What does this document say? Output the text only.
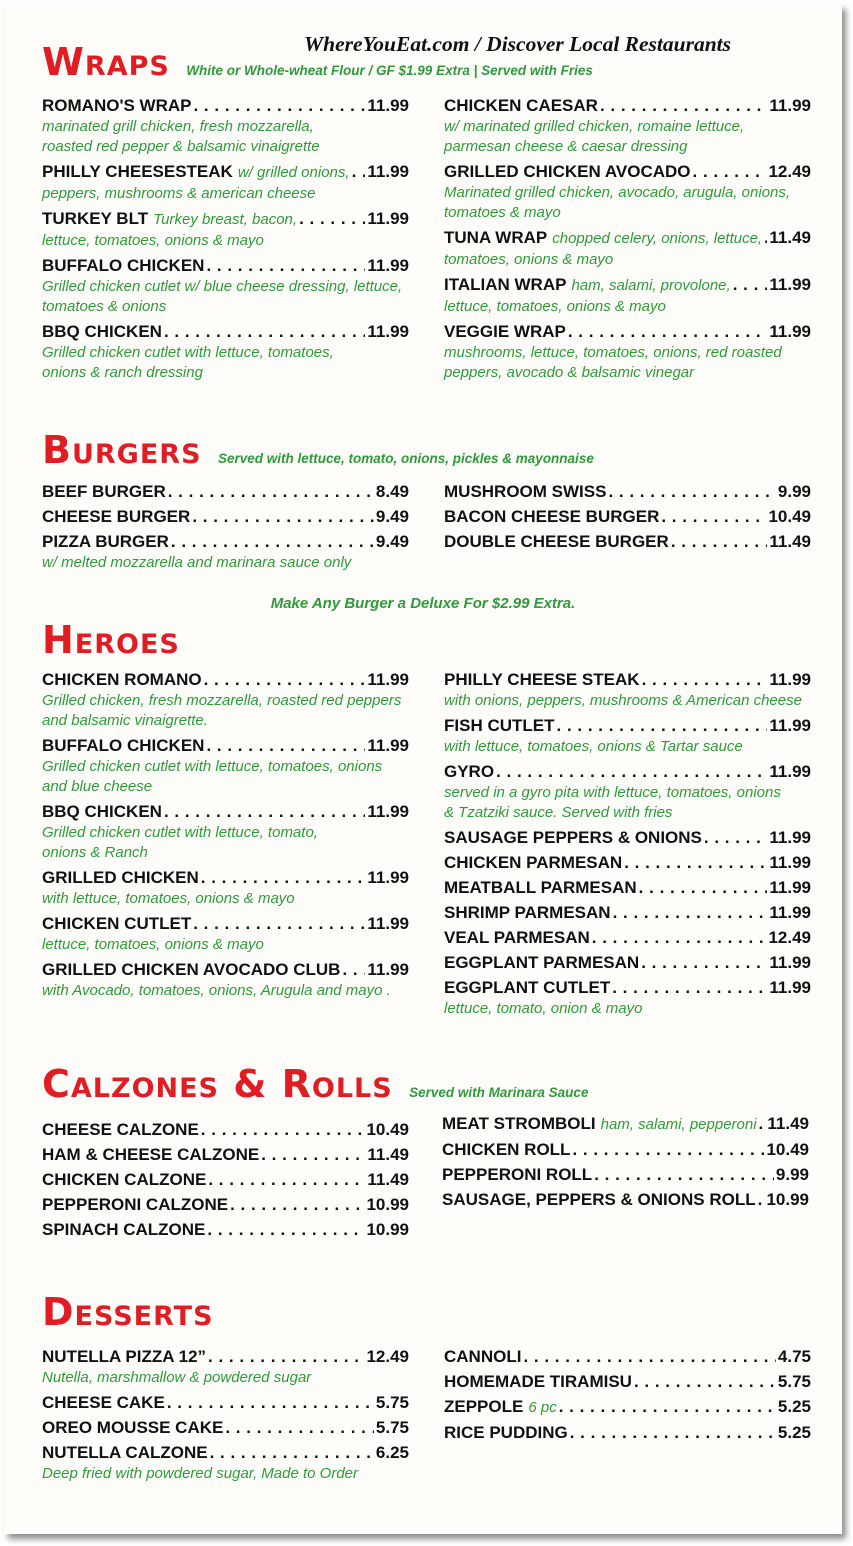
WhereYouEat.com / Discover Local Restaurants
Wraps White or Whole-wheat Flour / GF $1.99 Extra | Served with Fries
ROMANO'S WRAP . . .	11.99
marinated grill chicken, fresh mozzarella,
roasted red pepper & balsamic vinaigrette
PHILLY CHEESESTEAK w/ grilled onions, . . . 11.99
peppers, mushrooms & american cheese
TURKEY BLT Turkey breast, bacon, . . .	11.99
lettuce, tomatoes, onions & mayo
BUFFALO CHICKEN . . .	11.99
Grilled chicken cutlet w/ blue cheese dressing, lettuce,
tomatoes & onions
BBQ CHICKEN . . .	11.99
Grilled chicken cutlet with lettuce, tomatoes,
onions & ranch dressing
CHICKEN CAESAR . . .	11.99
w/ marinated grilled chicken, romaine lettuce,
parmesan cheese & caesar dressing
GRILLED CHICKEN AVOCADO . . .	12.49
Marinated grilled chicken, avocado, arugula, onions,
tomatoes & mayo
TUNA WRAP chopped celery, onions, lettuce, . . . 11.49
tomatoes, onions & mayo
ITALIAN WRAP ham, salami, provolone, . . . 11.99
lettuce, tomatoes, onions & mayo
VEGGIE WRAP . . .	11.99
mushrooms, lettuce, tomatoes, onions, red roasted
peppers, avocado & balsamic vinegar
Burgers Served with lettuce, tomato, onions, pickles & mayonnaise
BEEF BURGER . . .	8.49
CHEESE BURGER . . .	9.49
PIZZA BURGER . . .	9.49
w/ melted mozzarella and marinara sauce only
MUSHROOM SWISS . . .	9.99
BACON CHEESE BURGER . . .	10.49
DOUBLE CHEESE BURGER . . .	11.49
Make Any Burger a Deluxe For $2.99 Extra.
Heroes
CHICKEN ROMANO . . .	11.99
Grilled chicken, fresh mozzarella, roasted red peppers
and balsamic vinaigrette.
BUFFALO CHICKEN . . .	11.99
Grilled chicken cutlet with lettuce, tomatoes, onions
and blue cheese
BBQ CHICKEN . . .	11.99
Grilled chicken cutlet with lettuce, tomato,
onions & Ranch
GRILLED CHICKEN . . .	11.99
with lettuce, tomatoes, onions & mayo
CHICKEN CUTLET . . .	11.99
lettuce, tomatoes, onions & mayo
GRILLED CHICKEN AVOCADO CLUB . . . 11.99
with Avocado, tomatoes, onions, Arugula and mayo .
PHILLY CHEESE STEAK . . .	11.99
with onions, peppers, mushrooms & American cheese
FISH CUTLET . . .	11.99
with lettuce, tomatoes, onions & Tartar sauce
GYRO . . .	11.99
served in a gyro pita with lettuce, tomatoes, onions
& Tzatziki sauce. Served with fries
SAUSAGE PEPPERS & ONIONS . . .	11.99
CHICKEN PARMESAN . . .	11.99
MEATBALL PARMESAN . . .	11.99
SHRIMP PARMESAN . . .	11.99
VEAL PARMESAN . . .	12.49
EGGPLANT PARMESAN . . .	11.99
EGGPLANT CUTLET . . .	11.99
lettuce, tomato, onion & mayo
Calzones & Rolls Served with Marinara Sauce
CHEESE CALZONE . . .	10.49
HAM & CHEESE CALZONE . . .	11.49
CHICKEN CALZONE . . .	11.49
PEPPERONI CALZONE . . .	10.99
SPINACH CALZONE . . .	10.99
MEAT STROMBOLI ham, salami, pepperoni . . . 11.49
CHICKEN ROLL . . .	10.49
PEPPERONI ROLL . . .	9.99
SAUSAGE, PEPPERS & ONIONS ROLL . . . 10.99
Desserts
NUTELLA PIZZA 12” . . .	12.49
Nutella, marshmallow & powdered sugar
CHEESE CAKE . . .	5.75
OREO MOUSSE CAKE . . .	5.75
NUTELLA CALZONE . . .	6.25
Deep fried with powdered sugar, Made to Order
CANNOLI . . .	4.75
HOMEMADE TIRAMISU . . .	5.75
ZEPPOLE 6 pc . . .	5.25
RICE PUDDING . . .	5.25
